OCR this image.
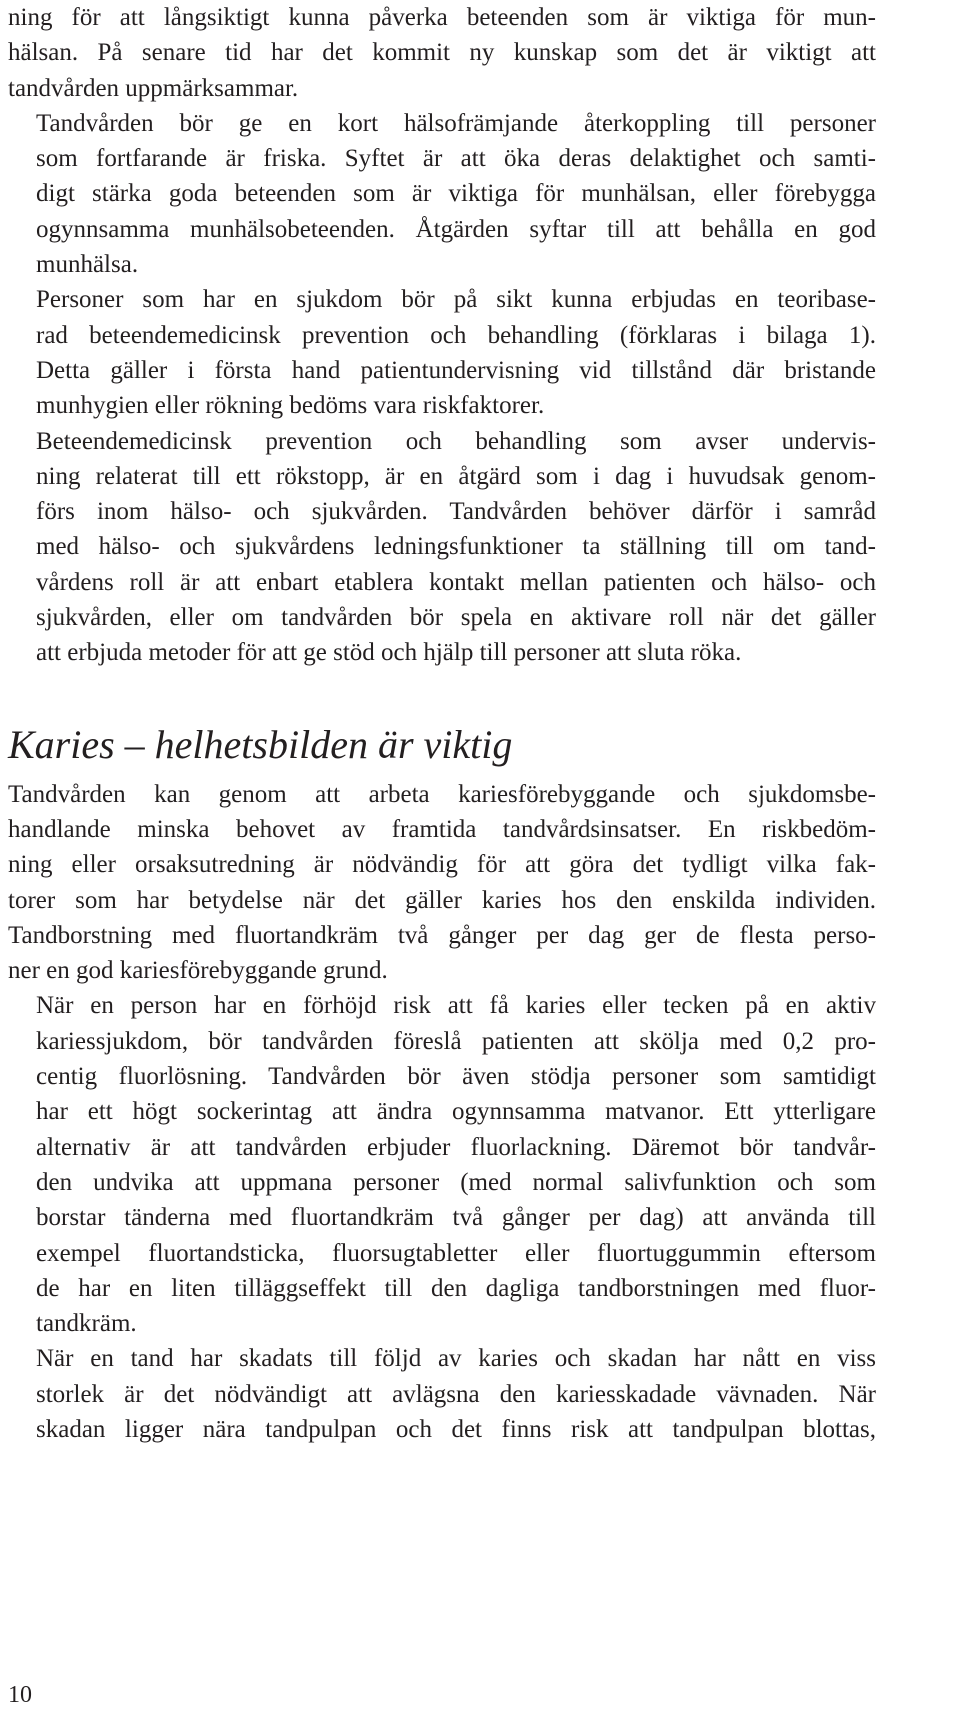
ning för att långsiktigt kunna påverka beteenden som är viktiga för mun-
hälsan. På senare tid har det kommit ny kunskap som det är viktigt att
tandvården uppmärksammar.

Tandvården bör ge en kort hälsofrämjande återkoppling till personer
som fortfarande är friska. Syftet är att öka deras delaktighet och samti-
digt stärka goda beteenden som är viktiga för munhälsan, eller förebygga
ogynnsamma munhälsobeteenden. Åtgärden syftar till att behålla en god
munhälsa.

Personer som har en sjukdom bör på sikt kunna erbjudas en teoribase-
rad beteendemedicinsk prevention och behandling (förklaras i bilaga 1).
Detta gäller i första hand patientundervisning vid tillstånd där bristande
munhygien eller rökning bedöms vara riskfaktorer.

Beteendemedicinsk prevention och behandling som avser undervis-
ning relaterat till ett rökstopp, är en åtgärd som i dag i huvudsak genom-
förs inom hälso- och sjukvården. Tandvården behöver därför i samråd
med hälso- och sjukvårdens ledningsfunktioner ta ställning till om tand-
vårdens roll är att enbart etablera kontakt mellan patienten och hälso- och
sjukvården, eller om tandvården bör spela en aktivare roll när det gäller
att erbjuda metoder för att ge stöd och hjälp till personer att sluta röka.

Karies – helhetsbilden är viktig

Tandvården kan genom att arbeta kariesförebyggande och sjukdomsbe-
handlande minska behovet av framtida tandvårdsinsatser. En riskbedöm-
ning eller orsaksutredning är nödvändig för att göra det tydligt vilka fak-
torer som har betydelse när det gäller karies hos den enskilda individen.
Tandborstning med fluortandkräm två gånger per dag ger de flesta perso-
ner en god kariesförebyggande grund.

När en person har en förhöjd risk att få karies eller tecken på en aktiv
kariessjukdom, bör tandvården föreslå patienten att skölja med 0,2 pro-
centig fluorlösning. Tandvården bör även stödja personer som samtidigt
har ett högt sockerintag att ändra ogynnsamma matvanor. Ett ytterligare
alternativ är att tandvården erbjuder fluorlackning. Däremot bör tandvår-
den undvika att uppmana personer (med normal salivfunktion och som
borstar tänderna med fluortandkräm två gånger per dag) att använda till
exempel fluortandsticka, fluorsugtabletter eller fluortuggummin eftersom
de har en liten tilläggseffekt till den dagliga tandborstningen med fluor-
tandkräm.

När en tand har skadats till följd av karies och skadan har nått en viss
storlek är det nödvändigt att avlägsna den kariesskadade vävnaden. När
skadan ligger nära tandpulpan och det finns risk att tandpulpan blottas,

10
